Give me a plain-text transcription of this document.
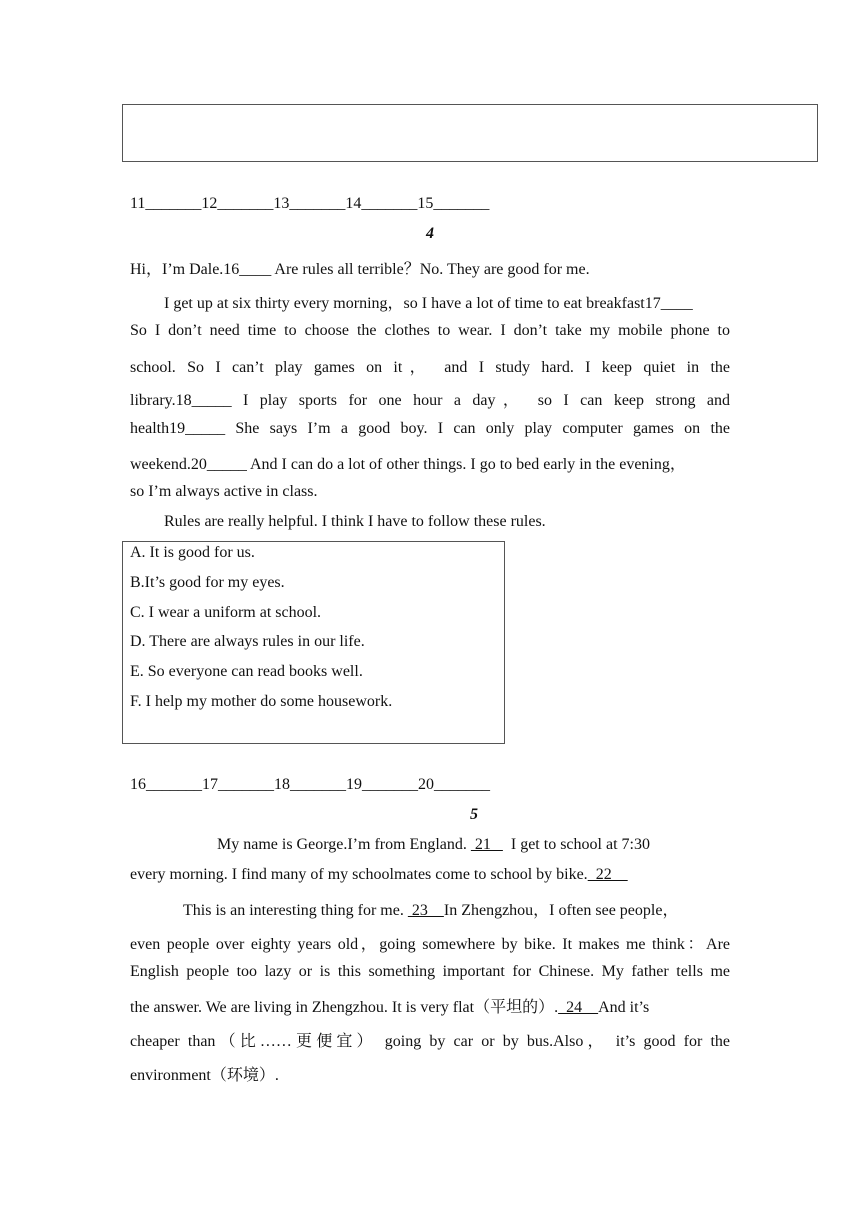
11_______12_______13_______14_______15_______
4
Hi，I’m Dale.16____ Are rules all terrible？No. They are good for me.
I get up at six thirty every morning，so I have a lot of time to eat breakfast17____
So I don’t need time to choose the clothes to wear. I don’t take my mobile phone to
school. So I can’t play games on it， and I study hard. I keep quiet in the
library.18_____ I play sports for one hour a day， so I can keep strong and
health19_____ She says I’m a good boy. I can only play computer games on the
weekend.20_____ And I can do a lot of other things. I go to bed early in the evening，
so I’m always active in class.
Rules are really helpful. I think I have to follow these rules.
A. It is good for us.
B.It’s good for my eyes.
C. I wear a uniform at school.
D. There are always rules in our life.
E. So everyone can read books well.
F. I help my mother do some housework.
16_______17_______18_______19_______20_______
5
My name is George.I’m from England.  21     I get to school at 7:30
every morning. I find many of my schoolmates come to school by bike.  22
This is an interesting thing for me.  23    In Zhengzhou，I often see people，
even people over eighty years old，going somewhere by bike. It makes me think：Are
English people too lazy or is this something important for Chinese. My father tells me
the answer. We are living in Zhengzhou. It is very flat（平坦的）.  24    And it’s
cheaper than（比……更便宜） going by car or by bus.Also， it’s good for the
environment（环境）.
